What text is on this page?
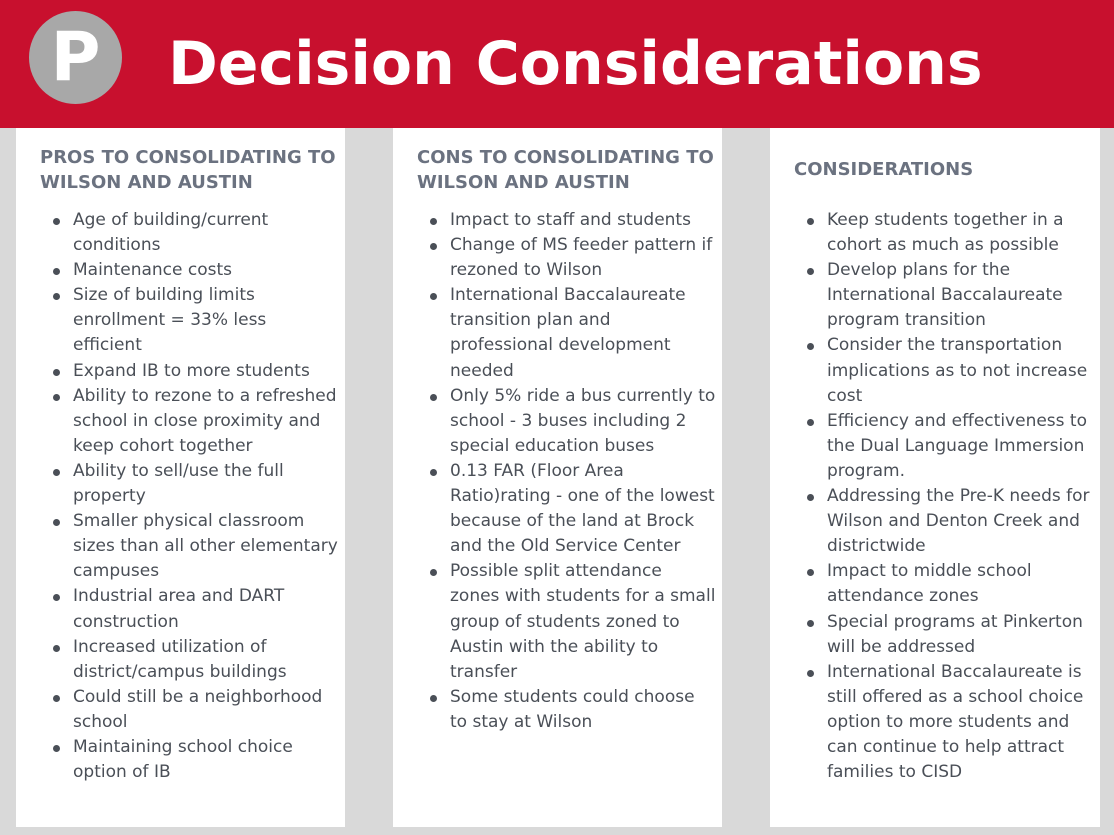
P	Decision Considerations
PROS TO CONSOLIDATING TO WILSON AND AUSTIN
Age of building/current conditions
Maintenance costs
Size of building limits enrollment = 33% less efficient
Expand IB to more students
Ability to rezone to a refreshed school in close proximity and keep cohort together
Ability to sell/use the full property
Smaller physical classroom sizes than all other elementary campuses
Industrial area and DART construction
Increased utilization of district/campus buildings
Could still be a neighborhood school
Maintaining school choice option of IB
CONS TO CONSOLIDATING TO WILSON AND AUSTIN
Impact to staff and students
Change of MS feeder pattern if rezoned to Wilson
International Baccalaureate transition plan and professional development needed
Only 5% ride a bus currently to school - 3 buses including 2 special education buses
0.13 FAR (Floor Area Ratio)rating - one of the lowest because of the land at Brock and the Old Service Center
Possible split attendance zones with students for a small group of students zoned to Austin with the ability to transfer
Some students could choose to stay at Wilson
CONSIDERATIONS
Keep students together in a cohort as much as possible
Develop plans for the International Baccalaureate program transition
Consider the transportation implications as to not increase cost
Efficiency and effectiveness to the Dual Language Immersion program.
Addressing the Pre-K needs for Wilson and Denton Creek and districtwide
Impact to middle school attendance zones
Special programs at Pinkerton will be addressed
International Baccalaureate is still offered as a school choice option to more students and can continue to help attract families to CISD
